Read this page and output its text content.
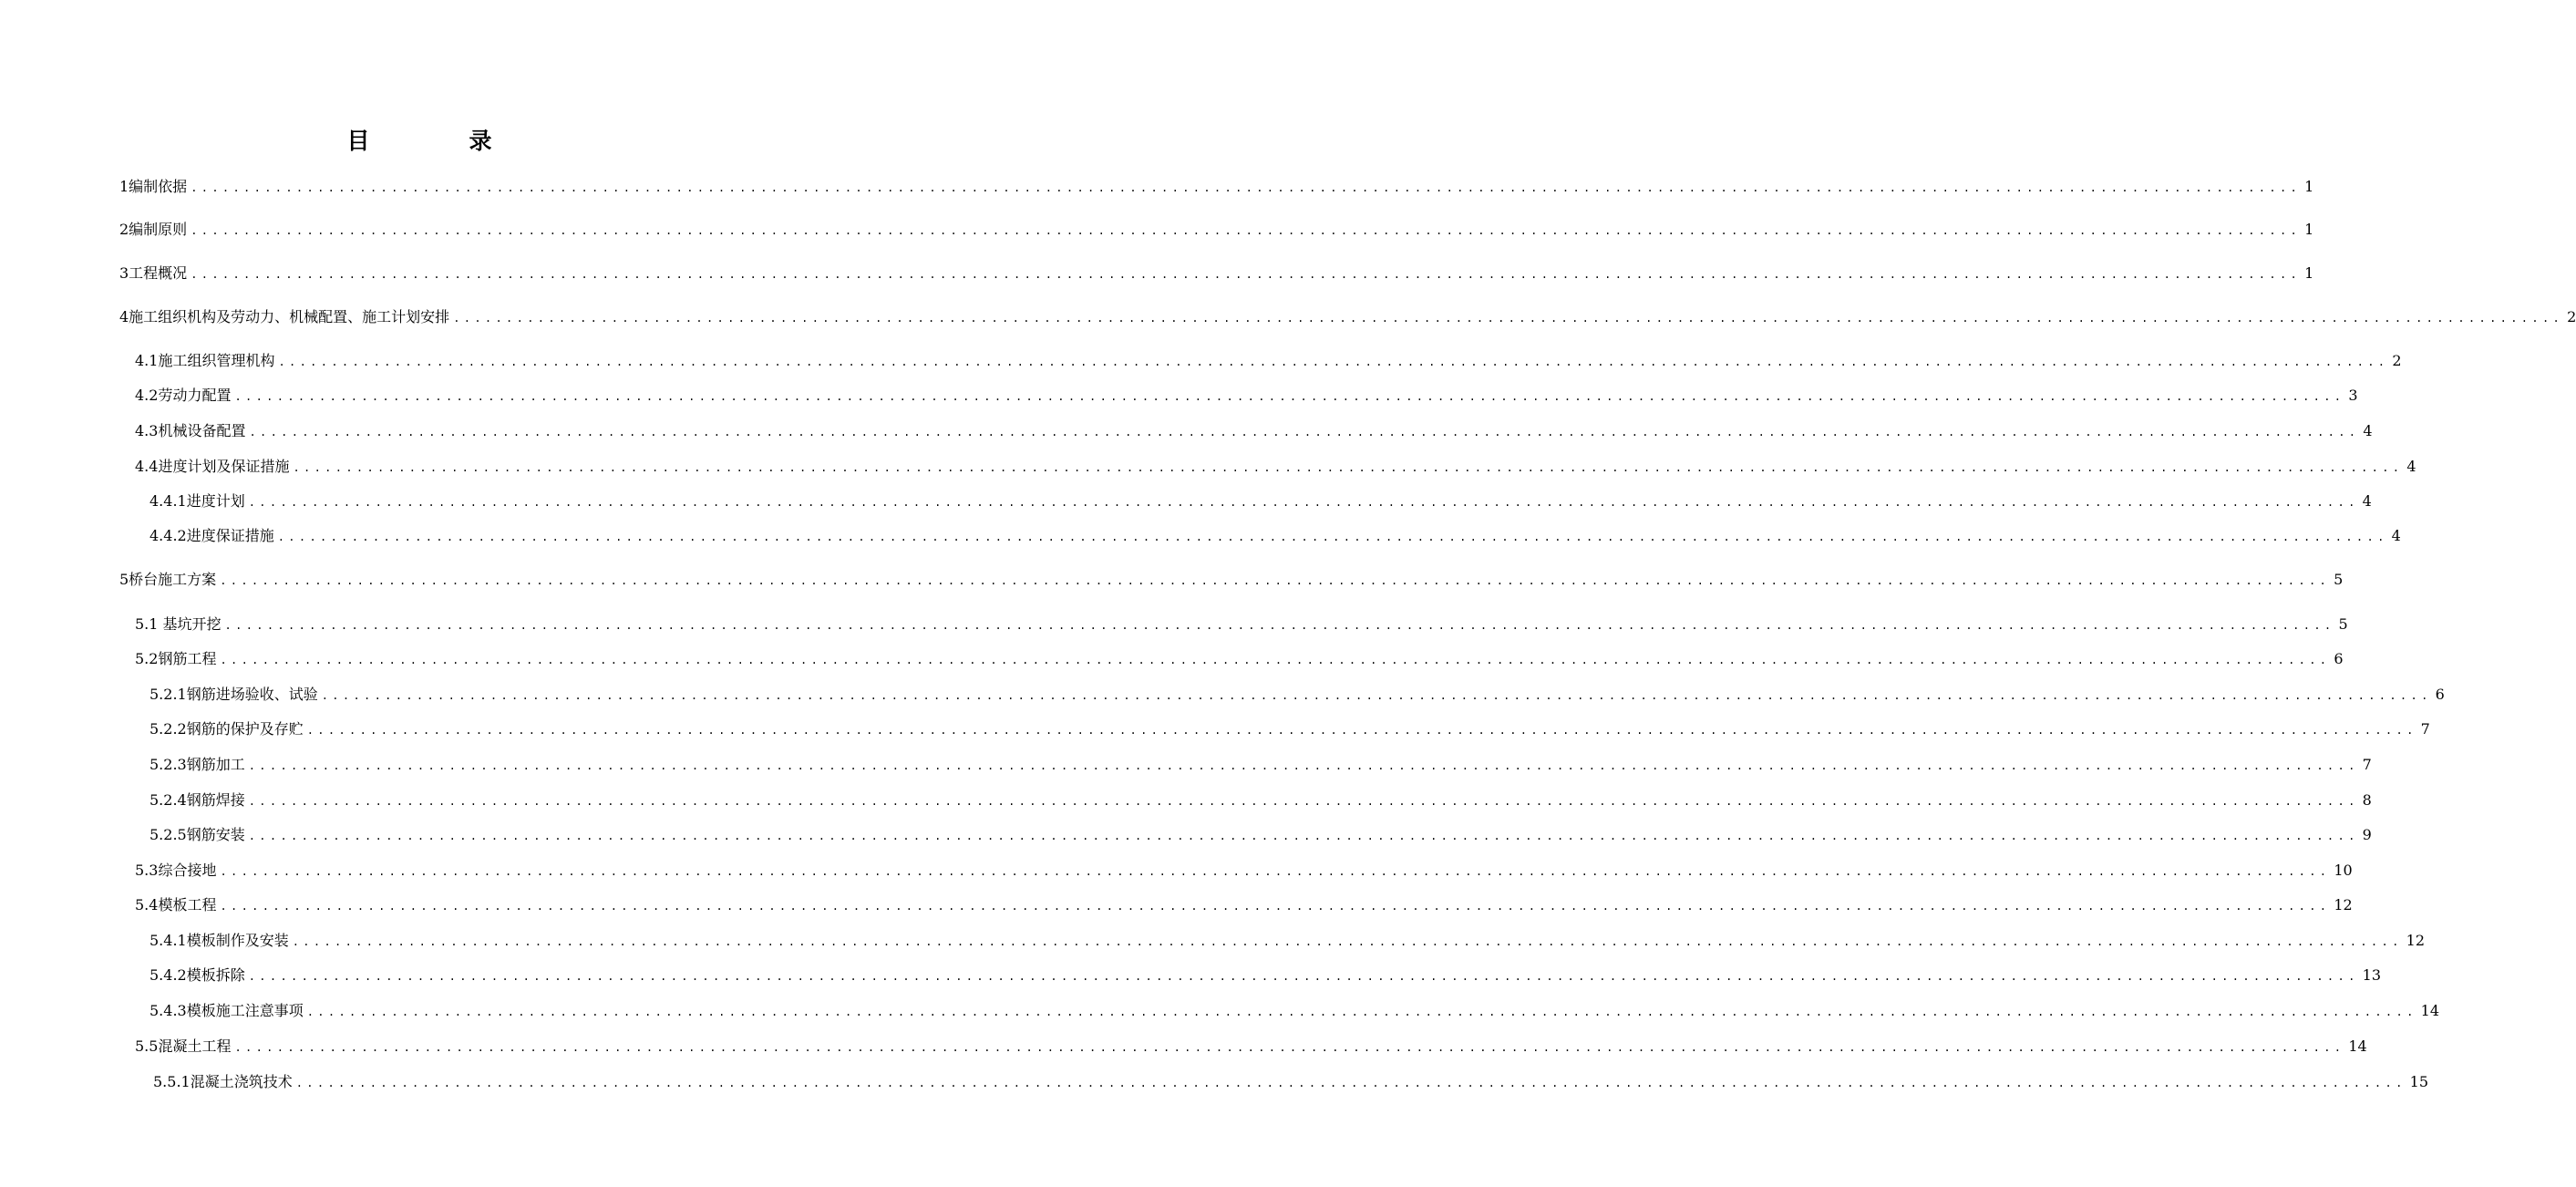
目　录
1编制依据 ........................................................................................................................................................................................................ 1
2编制原则 ........................................................................................................................................................................................................ 1
3工程概况 ........................................................................................................................................................................................................ 1
4施工组织机构及劳动力、机械配置、施工计划安排 ........................................................................................................................................................................................................ 2
4.1施工组织管理机构 ........................................................................................................................................................................................................ 2
4.2劳动力配置 ........................................................................................................................................................................................................ 3
4.3机械设备配置 ........................................................................................................................................................................................................ 4
4.4进度计划及保证措施 ........................................................................................................................................................................................................ 4
4.4.1进度计划 ........................................................................................................................................................................................................ 4
4.4.2进度保证措施 ........................................................................................................................................................................................................ 4
5桥台施工方案 ........................................................................................................................................................................................................ 5
5.1 基坑开挖 ........................................................................................................................................................................................................ 5
5.2钢筋工程 ........................................................................................................................................................................................................ 6
5.2.1钢筋进场验收、试验 ........................................................................................................................................................................................................ 6
5.2.2钢筋的保护及存贮 ........................................................................................................................................................................................................ 7
5.2.3钢筋加工 ........................................................................................................................................................................................................ 7
5.2.4钢筋焊接 ........................................................................................................................................................................................................ 8
5.2.5钢筋安装 ........................................................................................................................................................................................................ 9
5.3综合接地 ........................................................................................................................................................................................................ 10
5.4模板工程 ........................................................................................................................................................................................................ 12
5.4.1模板制作及安装 ........................................................................................................................................................................................................ 12
5.4.2模板拆除 ........................................................................................................................................................................................................ 13
5.4.3模板施工注意事项 ........................................................................................................................................................................................................ 14
5.5混凝土工程 ........................................................................................................................................................................................................ 14
5.5.1混凝土浇筑技术 ........................................................................................................................................................................................................ 15
